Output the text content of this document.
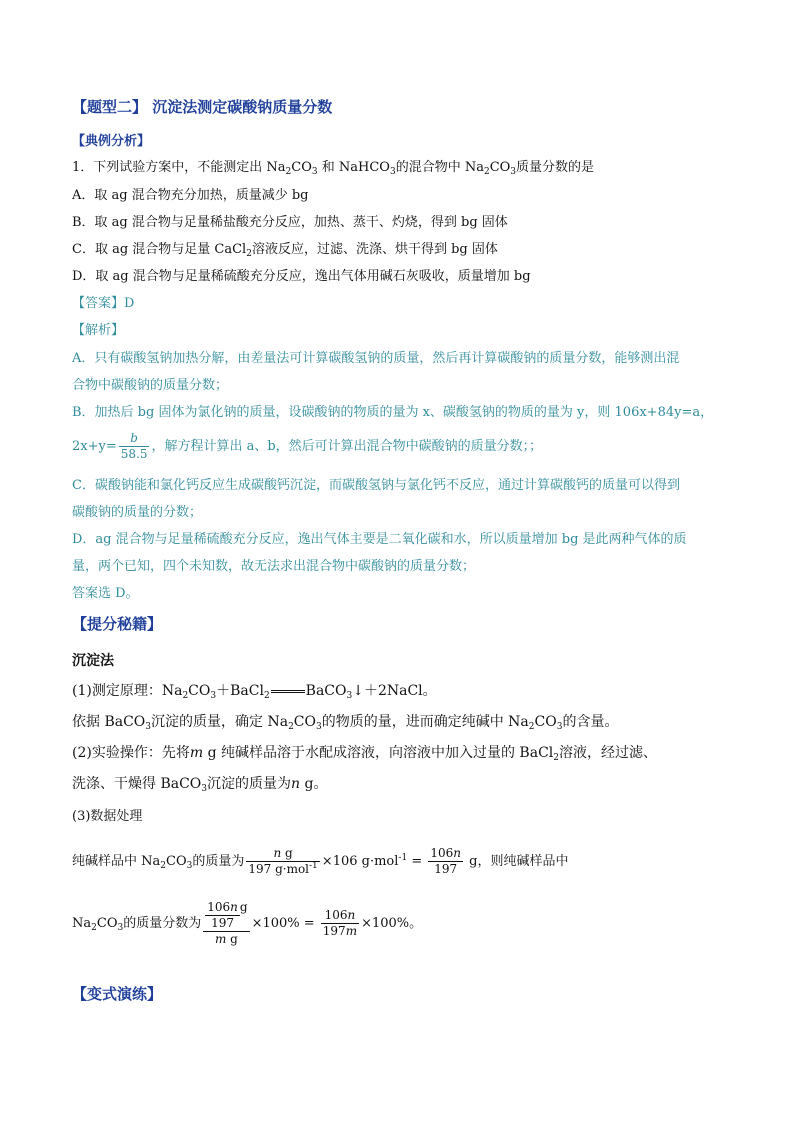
【题型二】 沉淀法测定碳酸钠质量分数
【典例分析】
1．下列试验方案中，不能测定出 $Na_2CO_3$ 和 NaHCO$_3$的混合物中 $Na_2CO_3$质量分数的是
A．取 ag 混合物充分加热，质量减少 bg
B．取 ag 混合物与足量稀盐酸充分反应，加热、蒸干、灼烧，得到 bg 固体
C．取 ag 混合物与足量 CaCl$_2$溶液反应，过滤、洗涤、烘干得到 bg 固体
D．取 ag 混合物与足量稀硫酸充分反应，逸出气体用碱石灰吸收，质量增加 bg
【答案】D
【解析】
A．只有碳酸氢钠加热分解，由差量法可计算碳酸氢钠的质量，然后再计算碳酸钠的质量分数，能够测出混
合物中碳酸钠的质量分数；
B．加热后 bg 固体为氯化钠的质量，设碳酸钠的物质的量为 x、碳酸氢钠的物质的量为 y，则 106x+84y=a，
$2x+y= \frac{b}{58.5}$ ，解方程计算出 a、b，然后可计算出混合物中碳酸钠的质量分数；；
C．碳酸钠能和氯化钙反应生成碳酸钙沉淀，而碳酸氢钠与氯化钙不反应，通过计算碳酸钙的质量可以得到
碳酸钠的质量的分数；
D．ag 混合物与足量稀硫酸充分反应，逸出气体主要是二氧化碳和水，所以质量增加 bg 是此两种气体的质
量，两个已知，四个未知数，故无法求出混合物中碳酸钠的质量分数；
答案选 D。
【提分秘籍】
沉淀法
(1)测定原理：$Na_2CO_3+BaCl_2$	BaCO$_3$↓＋2NaCl。
依据 BaCO$_3$沉淀的质量，确定 $Na_2CO_3$的物质的量，进而确定纯碱中 $Na_2CO_3$的含量。
(2)实验操作：先将m g 纯碱样品溶于水配成溶液，向溶液中加入过量的 BaCl$_2$溶液，经过滤、
洗涤、干燥得 BaCO$_3$沉淀的质量为n g。
(3)数据处理
纯碱样品中 $Na_2CO_3$的质量为 $\frac{\text{n g}}{197 g\cdot mol^{-1}} \times 106$ $g\cdot mol^{-1} = \frac{106n}{197}$ g，则纯碱样品中
$Na_2CO_3$的质量分数为 $\frac{\frac{106n}{197} g}{\text{m g}} \times 100\% = \frac{106n}{197m} \times 100\%$。
【变式演练】
